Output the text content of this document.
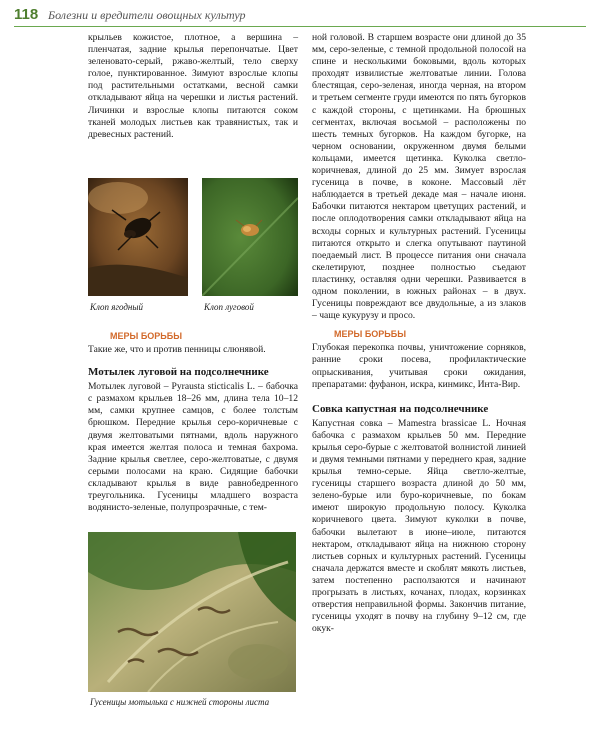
118 Болезни и вредители овощных культур

крыльев кожистое, плотное, а вершина – пленчатая, задние крылья перепончатые. Цвет зеленовато-серый, ржаво-желтый, тело сверху голое, пунктированное. Зимуют взрослые клопы под растительными остатками, весной самки откладывают яйца на черешки и листья растений. Личинки и взрослые клопы питаются соком тканей молодых листьев как травянистых, так и древесных растений.

Клоп ягодный	Клоп луговой
МЕРЫ БОРЬБЫ

Такие же, что и против пенницы слюнявой.

Мотылек луговой на подсолнечнике

Мотылек луговой – Pyrausta sticticalis L. – бабочка с размахом крыльев 18–26 мм, длина тела 10–12 мм, самки крупнее самцов, с более толстым брюшком. Передние крылья серо-коричневые с двумя желтоватыми пятнами, вдоль наружного края имеется желтая полоса и темная бахрома. Задние крылья светлее, серо-желтоватые, с двумя серыми полосами на краю. Сидящие бабочки складывают крылья в виде равнобедренного треугольника. Гусеницы младшего возраста водянисто-зеленые, полупрозрачные, с тем-

Гусеницы мотылька с нижней стороны листа

ной головой. В старшем возрасте они длиной до 35 мм, серо-зеленые, с темной продольной полосой на спине и несколькими боковыми, вдоль которых проходят извилистые желтоватые линии. Голова блестящая, серо-зеленая, иногда черная, на втором и третьем сегменте груди имеются по пять бугорков с каждой стороны, с щетинками. На брюшных сегментах, включая восьмой – расположены по шесть темных бугорков. На каждом бугорке, на черном основании, окруженном двумя белыми кольцами, имеется щетинка. Куколка светло-коричневая, длиной до 25 мм. Зимует взрослая гусеница в почве, в коконе. Массовый лёт наблюдается в третьей декаде мая – начале июня. Бабочки питаются нектаром цветущих растений, и после оплодотворения самки откладывают яйца на всходы сорных и культурных растений. Гусеницы питаются открыто и слегка опутывают паутиной поедаемый лист. В процессе питания они сначала скелетируют, позднее полностью съедают пластинку, оставляя одни черешки. Развивается в одном поколении, в южных районах – в двух. Гусеницы повреждают все двудольные, а из злаков – чаще кукурузу и просо.

МЕРЫ БОРЬБЫ

Глубокая перекопка почвы, уничтожение сорняков, ранние сроки посева, профилактические опрыскивания, учитывая сроки ожидания, препаратами: фуфанон, искра, кинмикс, Инта-Вир.

Совка капустная на подсолнечнике

Капустная совка – Mamestra brassicae L. Ночная бабочка с размахом крыльев 50 мм. Передние крылья серо-бурые с желтоватой волнистой линией и двумя темными пятнами у переднего края, задние крылья темно-серые. Яйца светло-желтые, гусеницы старшего возраста длиной до 50 мм, зелено-бурые или буро-коричневые, по бокам имеют широкую продольную полосу. Куколка коричневого цвета. Зимуют куколки в почве, бабочки вылетают в июне–июле, питаются нектаром, откладывают яйца на нижнюю сторону листьев сорных и культурных растений. Гусеницы сначала держатся вместе и скоблят мякоть листьев, затем постепенно расползаются и начинают прогрызать в листьях, кочанах, плодах, корзинках отверстия неправильной формы. Закончив питание, гусеницы уходят в почву на глубину 9–12 см, где окук-
